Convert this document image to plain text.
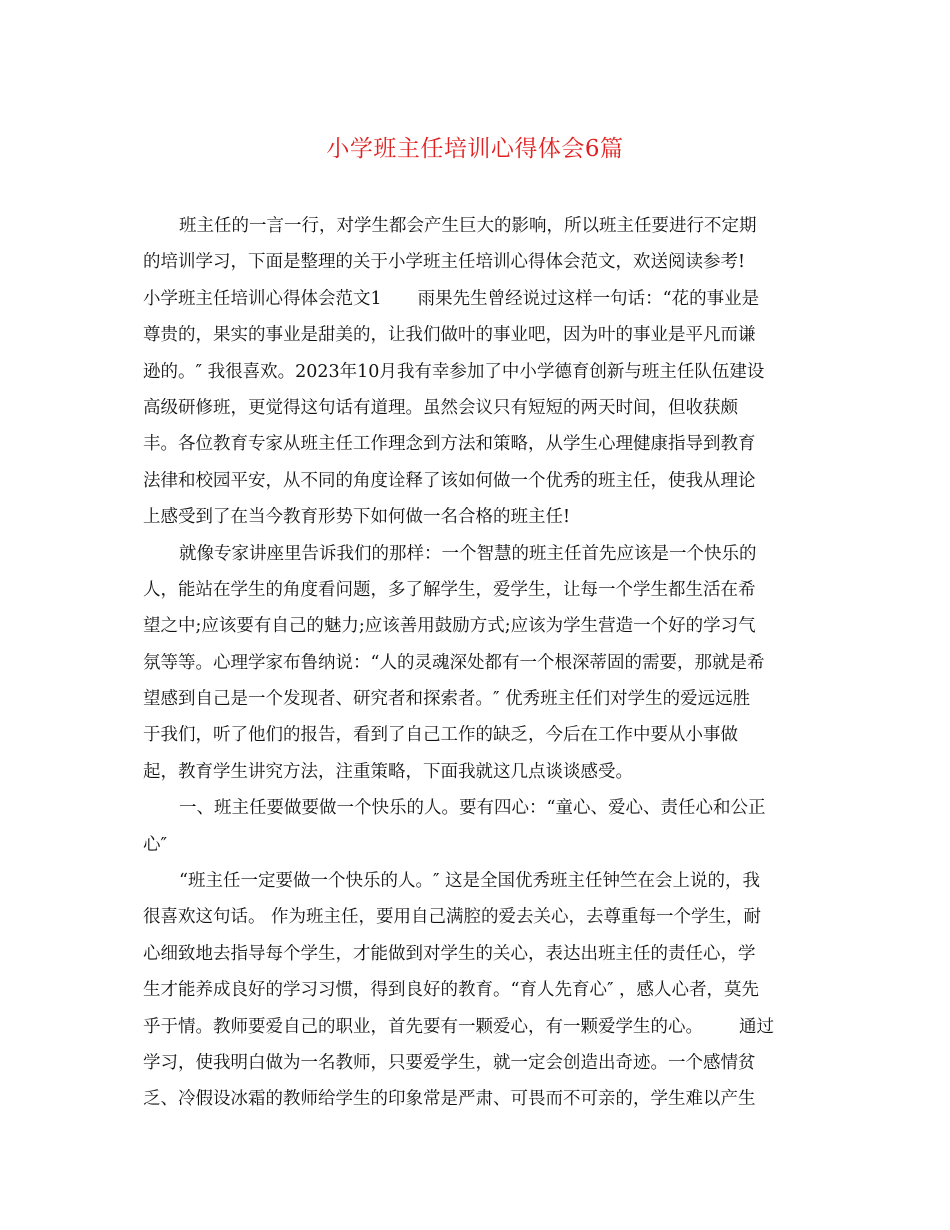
小学班主任培训心得体会6篇
班主任的一言一行，对学生都会产生巨大的影响，所以班主任要进行不定期
的培训学习，下面是整理的关于小学班主任培训心得体会范文，欢送阅读参考!
小学班主任培训心得体会范文1 雨果先生曾经说过这样一句话：“花的事业是
尊贵的，果实的事业是甜美的，让我们做叶的事业吧，因为叶的事业是平凡而谦
逊的。″ 我很喜欢。2023年10月我有幸参加了中小学德育创新与班主任队伍建设
高级研修班，更觉得这句话有道理。虽然会议只有短短的两天时间，但收获颇
丰。各位教育专家从班主任工作理念到方法和策略，从学生心理健康指导到教育
法律和校园平安，从不同的角度诠释了该如何做一个优秀的班主任，使我从理论
上感受到了在当今教育形势下如何做一名合格的班主任!
就像专家讲座里告诉我们的那样：一个智慧的班主任首先应该是一个快乐的
人，能站在学生的角度看问题，多了解学生，爱学生，让每一个学生都生活在希
望之中;应该要有自己的魅力;应该善用鼓励方式;应该为学生营造一个好的学习气
氛等等。心理学家布鲁纳说：“人的灵魂深处都有一个根深蒂固的需要，那就是希
望感到自己是一个发现者、研究者和探索者。″ 优秀班主任们对学生的爱远远胜
于我们，听了他们的报告，看到了自己工作的缺乏，今后在工作中要从小事做
起，教育学生讲究方法，注重策略，下面我就这几点谈谈感受。
一、班主任要做要做一个快乐的人。要有四心：“童心、爱心、责任心和公正
心″
“班主任一定要做一个快乐的人。″ 这是全国优秀班主任钟竺在会上说的，我
很喜欢这句话。 作为班主任，要用自己满腔的爱去关心，去尊重每一个学生，耐
心细致地去指导每个学生，才能做到对学生的关心，表达出班主任的责任心，学
生才能养成良好的学习习惯，得到良好的教育。“育人先育心″ ，感人心者，莫先
乎于情。教师要爱自己的职业，首先要有一颗爱心，有一颗爱学生的心。 通过
学习，使我明白做为一名教师，只要爱学生，就一定会创造出奇迹。一个感情贫
乏、冷假设冰霜的教师给学生的印象常是严肃、可畏而不可亲的，学生难以产生
